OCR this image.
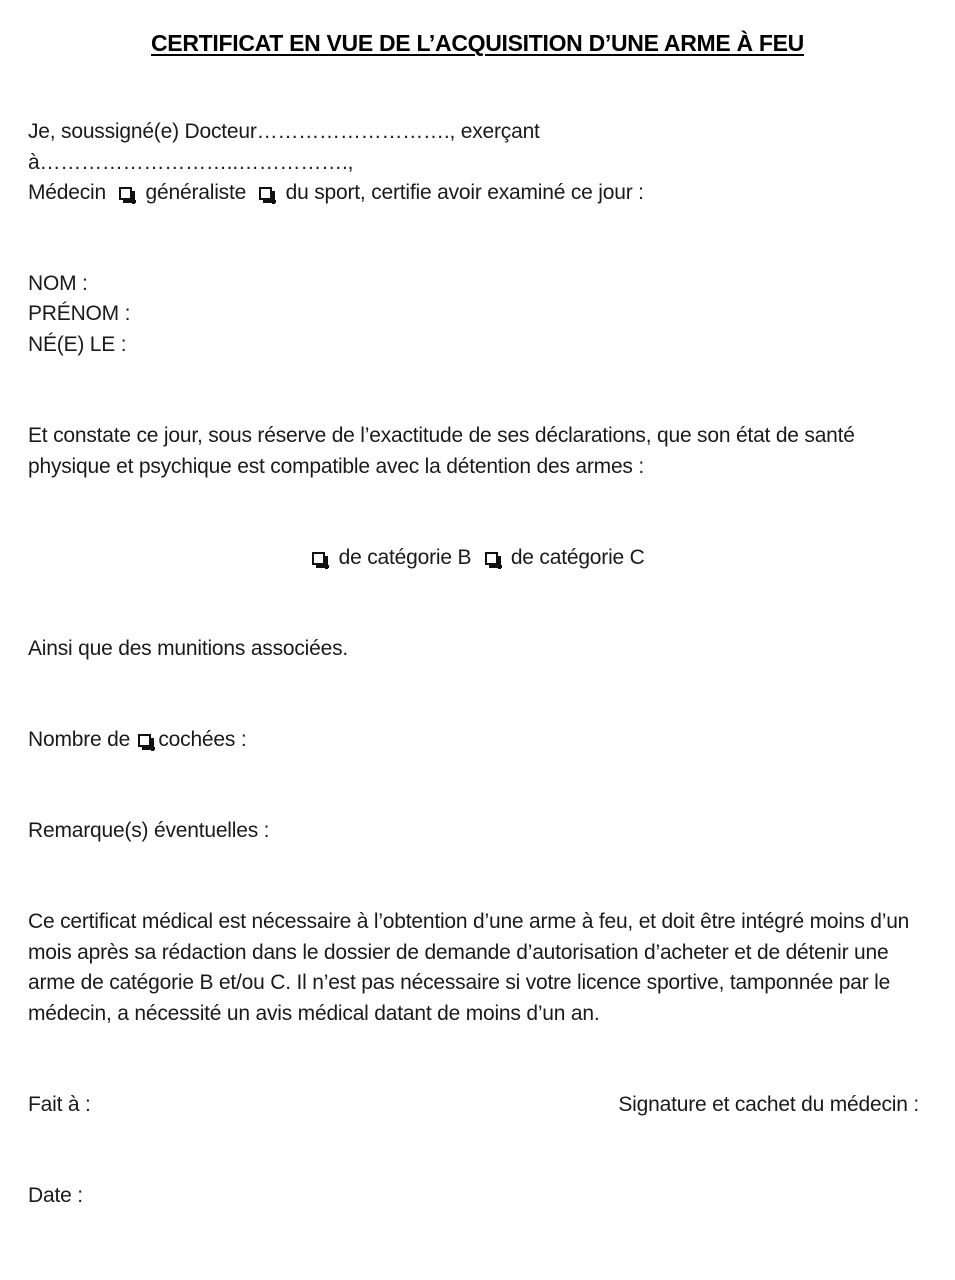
CERTIFICAT EN VUE DE L’ACQUISITION D’UNE ARME À FEU
Je, soussigné(e) Docteur………………………., exerçant
à………………………..…………….,
Médecin généraliste du sport, certifie avoir examiné ce jour :
NOM :
PRÉNOM :
NÉ(E) LE :
Et constate ce jour, sous réserve de l’exactitude de ses déclarations, que son état de santé physique et psychique est compatible avec la détention des armes :
de catégorie B de catégorie C
Ainsi que des munitions associées.
Nombre de cochées :
Remarque(s) éventuelles :
Ce certificat médical est nécessaire à l’obtention d’une arme à feu, et doit être intégré moins d’un mois après sa rédaction dans le dossier de demande d’autorisation d’acheter et de détenir une arme de catégorie B et/ou C. Il n’est pas nécessaire si votre licence sportive, tamponnée par le médecin, a nécessité un avis médical datant de moins d’un an.
Fait à :	Signature et cachet du médecin :
Date :
